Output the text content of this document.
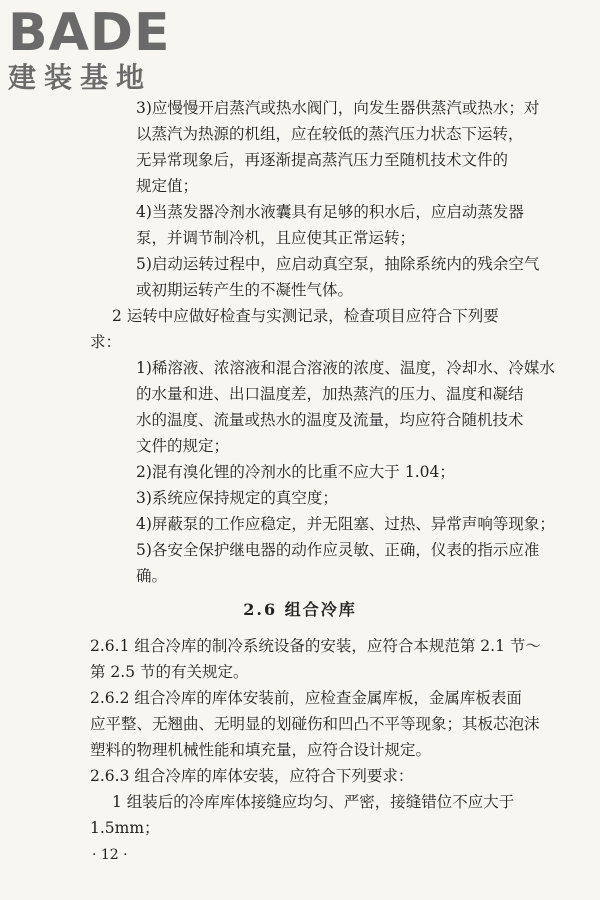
BADE
建装基地
3)应慢慢开启蒸汽或热水阀门，向发生器供蒸汽或热水；对
以蒸汽为热源的机组，应在较低的蒸汽压力状态下运转，
无异常现象后，再逐渐提高蒸汽压力至随机技术文件的
规定值；
4)当蒸发器冷剂水液囊具有足够的积水后，应启动蒸发器
泵，并调节制冷机，且应使其正常运转；
5)启动运转过程中，应启动真空泵，抽除系统内的残余空气
或初期运转产生的不凝性气体。
2 运转中应做好检查与实测记录，检查项目应符合下列要
求：
1)稀溶液、浓溶液和混合溶液的浓度、温度，冷却水、冷媒水
的水量和进、出口温度差，加热蒸汽的压力、温度和凝结
水的温度、流量或热水的温度及流量，均应符合随机技术
文件的规定；
2)混有溴化锂的冷剂水的比重不应大于 1.04；
3)系统应保持规定的真空度；
4)屏蔽泵的工作应稳定，并无阻塞、过热、异常声响等现象；
5)各安全保护继电器的动作应灵敏、正确，仪表的指示应准
确。
2.6 组合冷库
2.6.1 组合冷库的制冷系统设备的安装，应符合本规范第 2.1 节～
第 2.5 节的有关规定。
2.6.2 组合冷库的库体安装前，应检查金属库板，金属库板表面
应平整、无翘曲、无明显的划碰伤和凹凸不平等现象；其板芯泡沫
塑料的物理机械性能和填充量，应符合设计规定。
2.6.3 组合冷库的库体安装，应符合下列要求：
1 组装后的冷库库体接缝应均匀、严密，接缝错位不应大于
1.5mm；
· 12 ·
